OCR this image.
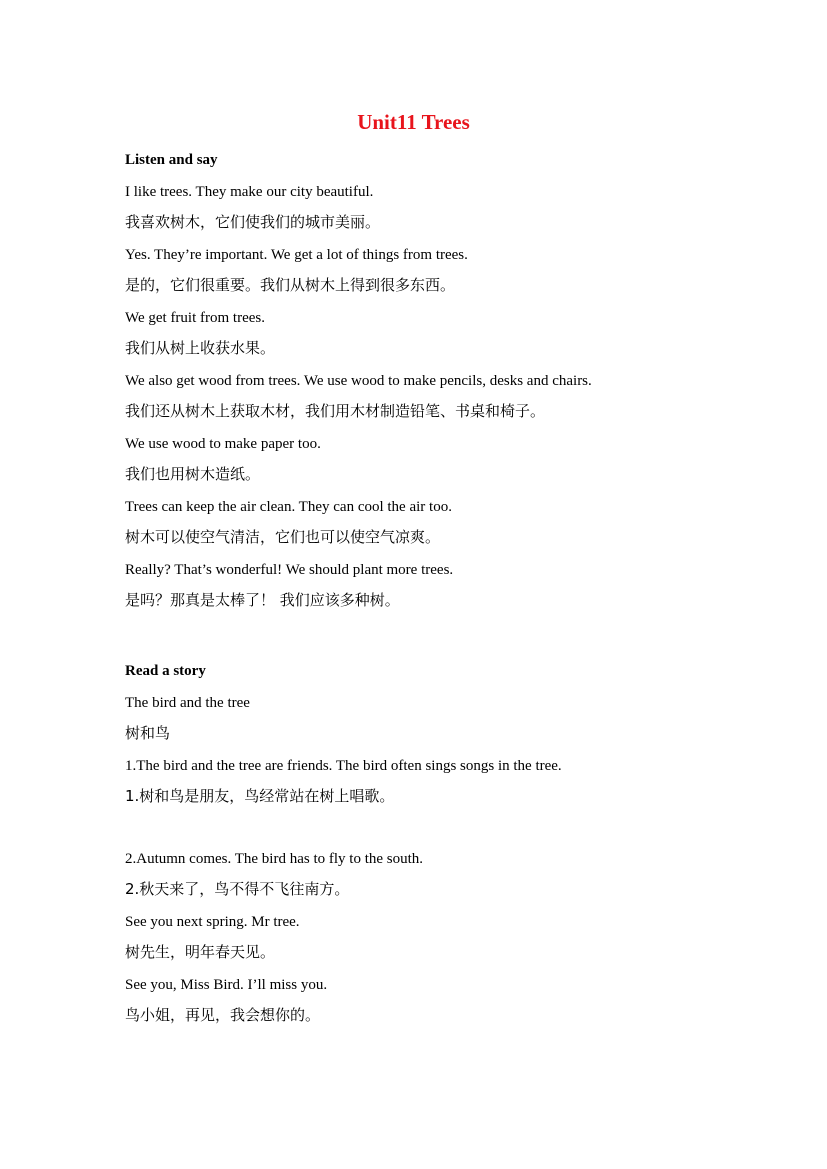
Unit11 Trees
Listen and say
I like trees. They make our city beautiful.
我喜欢树木，它们使我们的城市美丽。
Yes. They’re important. We get a lot of things from trees.
是的，它们很重要。我们从树木上得到很多东西。
We get fruit from trees.
我们从树上收获水果。
We also get wood from trees. We use wood to make pencils, desks and chairs.
我们还从树木上获取木材，我们用木材制造铅笔、书桌和椅子。
We use wood to make paper too.
我们也用树木造纸。
Trees can keep the air clean. They can cool the air too.
树木可以使空气清洁，它们也可以使空气凉爽。
Really? That’s wonderful! We should plant more trees.
是吗？那真是太棒了！ 我们应该多种树。
Read a story
The bird and the tree
树和鸟
1.The bird and the tree are friends. The bird often sings songs in the tree.
1.树和鸟是朋友，鸟经常站在树上唱歌。
2.Autumn comes. The bird has to fly to the south.
2.秋天来了，鸟不得不飞往南方。
See you next spring. Mr tree.
树先生，明年春天见。
See you, Miss Bird. I’ll miss you.
鸟小姐，再见，我会想你的。
